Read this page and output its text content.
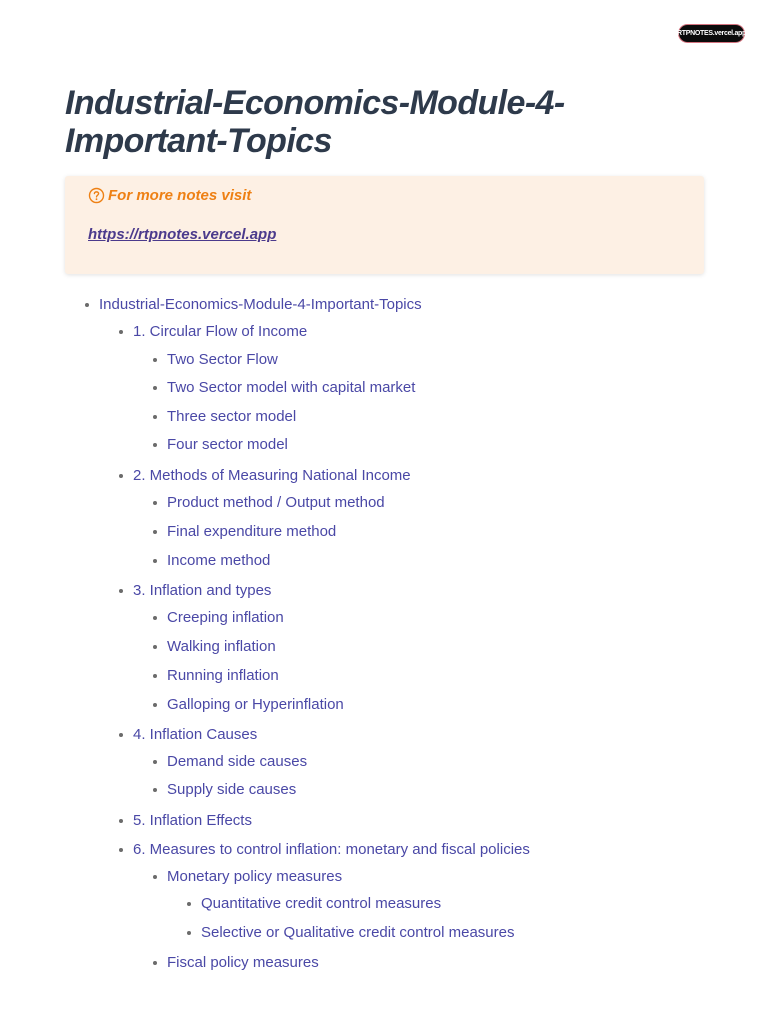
RTPNOTES .vercel.app
Industrial-Economics-Module-4-
Important-Topics
For more notes visit
https://rtpnotes.vercel.app
Industrial-Economics-Module-4-Important-Topics
1. Circular Flow of Income
Two Sector Flow
Two Sector model with capital market
Three sector model
Four sector model
2. Methods of Measuring National Income
Product method / Output method
Final expenditure method
Income method
3. Inflation and types
Creeping inflation
Walking inflation
Running inflation
Galloping or Hyperinflation
4. Inflation Causes
Demand side causes
Supply side causes
5. Inflation Effects
6. Measures to control inflation: monetary and fiscal policies
Monetary policy measures
Quantitative credit control measures
Selective or Qualitative credit control measures
Fiscal policy measures
